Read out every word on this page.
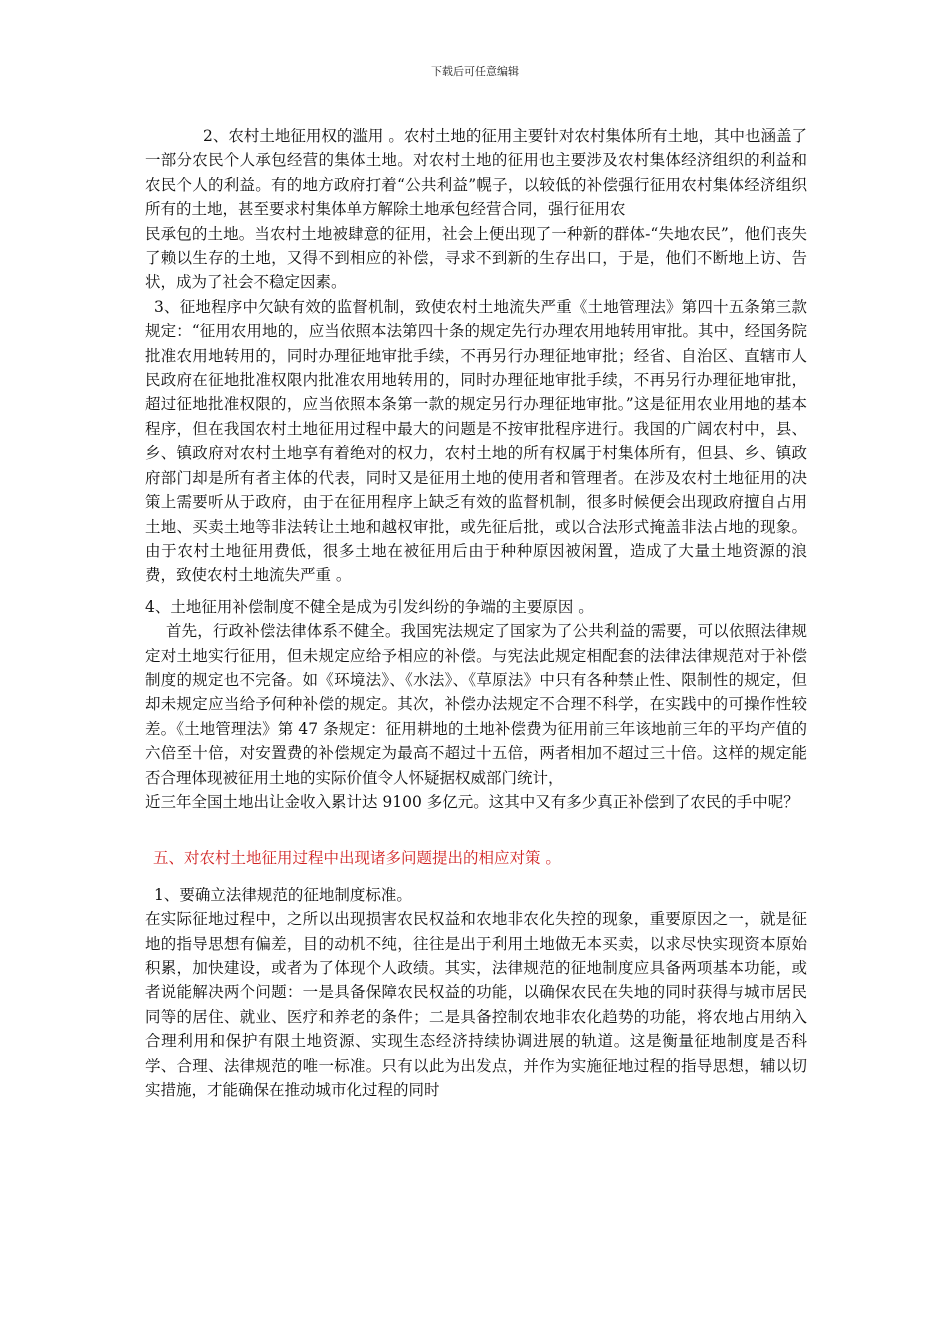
下载后可任意编辑

2、农村土地征用权的滥用 。农村土地的征用主要针对农村集体所有土地，其中也涵盖了一部分农民个人承包经营的集体土地。对农村土地的征用也主要涉及农村集体经济组织的利益和农民个人的利益。有的地方政府打着“公共利益”幌子，以较低的补偿强行征用农村集体经济组织所有的土地，甚至要求村集体单方解除土地承包经营合同，强行征用农

民承包的土地。当农村土地被肆意的征用，社会上便出现了一种新的群体-“失地农民”，他们丧失了赖以生存的土地，又得不到相应的补偿，寻求不到新的生存出口，于是，他们不断地上访、告状，成为了社会不稳定因素。

3、征地程序中欠缺有效的监督机制，致使农村土地流失严重《土地管理法》第四十五条第三款规定：“征用农用地的，应当依照本法第四十条的规定先行办理农用地转用审批。其中，经国务院批准农用地转用的，同时办理征地审批手续，不再另行办理征地审批；经省、自治区、直辖市人民政府在征地批准权限内批准农用地转用的，同时办理征地审批手续，不再另行办理征地审批，超过征地批准权限的，应当依照本条第一款的规定另行办理征地审批。”这是征用农业用地的基本程序，但在我国农村土地征用过程中最大的问题是不按审批程序进行。我国的广阔农村中，县、乡、镇政府对农村土地享有着绝对的权力，农村土地的所有权属于村集体所有，但县、乡、镇政府部门却是所有者主体的代表，同时又是征用土地的使用者和管理者。在涉及农村土地征用的决策上需要听从于政府，由于在征用程序上缺乏有效的监督机制，很多时候便会出现政府擅自占用土地、买卖土地等非法转让土地和越权审批，或先征后批，或以合法形式掩盖非法占地的现象。由于农村土地征用费低，很多土地在被征用后由于种种原因被闲置，造成了大量土地资源的浪费，致使农村土地流失严重 。

4、土地征用补偿制度不健全是成为引发纠纷的争端的主要原因 。

首先，行政补偿法律体系不健全。我国宪法规定了国家为了公共利益的需要，可以依照法律规定对土地实行征用，但未规定应给予相应的补偿。与宪法此规定相配套的法律法律规范对于补偿制度的规定也不完备。如《环境法》、《水法》、《草原法》中只有各种禁止性、限制性的规定，但却未规定应当给予何种补偿的规定。其次，补偿办法规定不合理不科学，在实践中的可操作性较差。《土地管理法》第 47 条规定：征用耕地的土地补偿费为征用前三年该地前三年的平均产值的六倍至十倍，对安置费的补偿规定为最高不超过十五倍，两者相加不超过三十倍。这样的规定能否合理体现被征用土地的实际价值令人怀疑据权威部门统计，

近三年全国土地出让金收入累计达 9100 多亿元。这其中又有多少真正补偿到了农民的手中呢？

五、对农村土地征用过程中出现诸多问题提出的相应对策 。

1、要确立法律规范的征地制度标准。

在实际征地过程中，之所以出现损害农民权益和农地非农化失控的现象，重要原因之一，就是征地的指导思想有偏差，目的动机不纯，往往是出于利用土地做无本买卖，以求尽快实现资本原始积累，加快建设，或者为了体现个人政绩。其实，法律规范的征地制度应具备两项基本功能，或者说能解决两个问题：一是具备保障农民权益的功能，以确保农民在失地的同时获得与城市居民同等的居住、就业、医疗和养老的条件；二是具备控制农地非农化趋势的功能，将农地占用纳入合理利用和保护有限土地资源、实现生态经济持续协调进展的轨道。这是衡量征地制度是否科学、合理、法律规范的唯一标准。只有以此为出发点，并作为实施征地过程的指导思想，辅以切实措施，才能确保在推动城市化过程的同时
